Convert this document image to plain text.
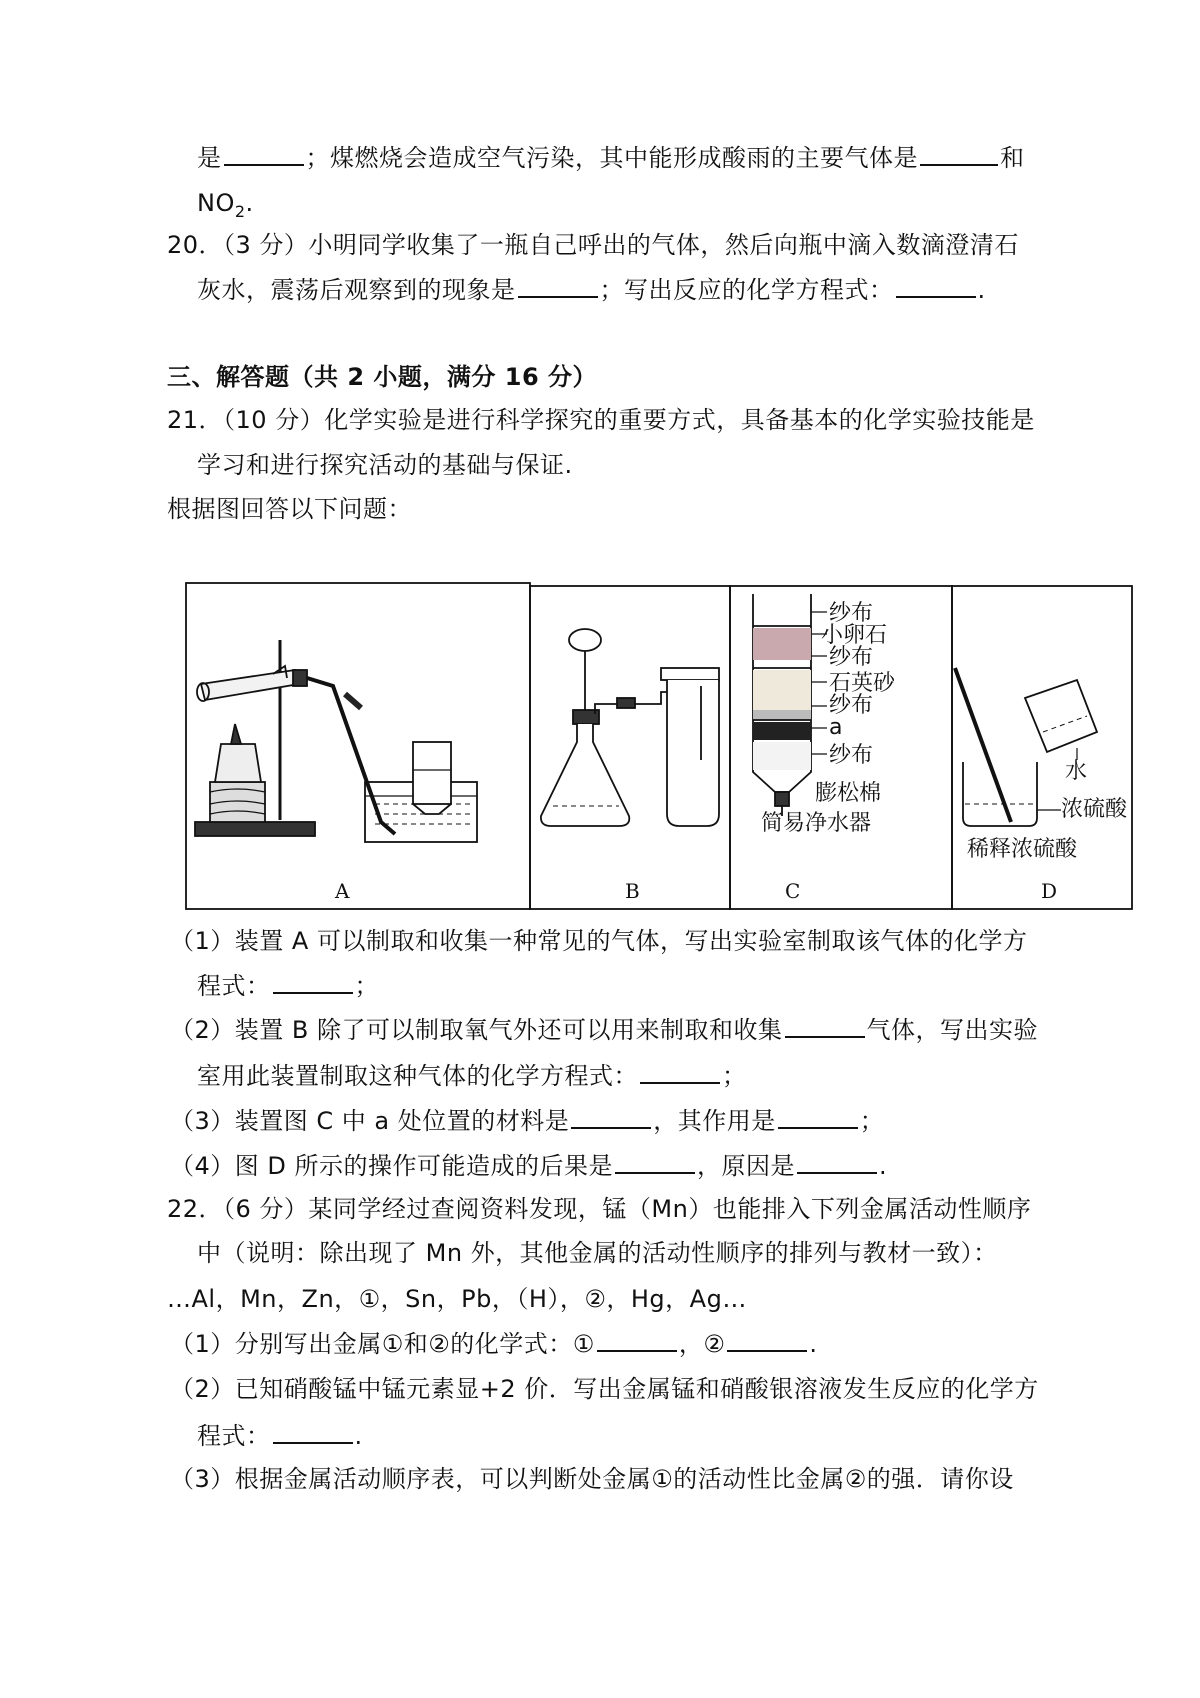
是	；煤燃烧会造成空气污染，其中能形成酸雨的主要气体是	和
$NO_2$.
20．（3 分）小明同学收集了一瓶自己呼出的气体，然后向瓶中滴入数滴澄清石
灰水，震荡后观察到的现象是	；写出反应的化学方程式：	.
三、解答题（共 2 小题，满分 16 分）
21．（10 分）化学实验是进行科学探究的重要方式，具备基本的化学实验技能是
学习和进行探究活动的基础与保证.
根据图回答以下问题：
A	B
纱布
小卵石
纱布
石英砂
纱布
a
纱布
膨松棉
简易净水器
C
水
浓硫酸
稀释浓硫酸
D
（1）装置 A 可以制取和收集一种常见的气体，写出实验室制取该气体的化学方
程式：	；
（2）装置 B 除了可以制取氧气外还可以用来制取和收集	气体，写出实验
室用此装置制取这种气体的化学方程式：	；
（3）装置图 C 中 a 处位置的材料是	，其作用是	；
（4）图 D 所示的操作可能造成的后果是	，原因是	.
22．（6 分）某同学经过查阅资料发现，锰（Mn）也能排入下列金属活动性顺序
中（说明：除出现了 Mn 外，其他金属的活动性顺序的排列与教材一致）：
…Al，Mn，Zn，①，Sn，Pb，（H），②，Hg，Ag…
（1）分别写出金属①和②的化学式：①	，②	.
（2）已知硝酸锰中锰元素显+2 价．写出金属锰和硝酸银溶液发生反应的化学方
程式：	.
（3）根据金属活动顺序表，可以判断处金属①的活动性比金属②的强．请你设
